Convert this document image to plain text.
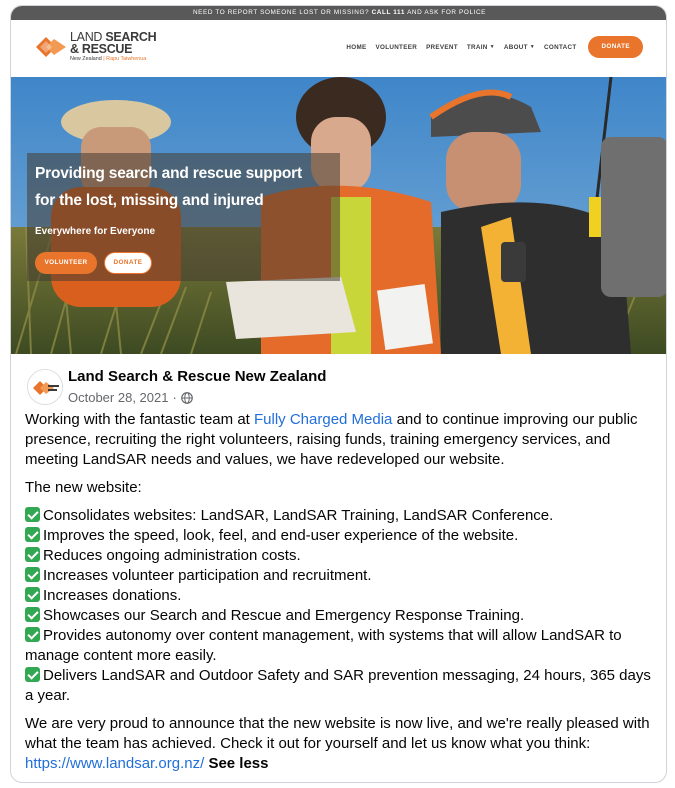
NEED TO REPORT SOMEONE LOST OR MISSING? CALL 111 AND ASK FOR POLICE
LAND SEARCH
& RESCUE
New Zealand | Rapu Taiwhenua
HOME VOLUNTEER PREVENT TRAIN ▼ ABOUT ▼ CONTACT	DONATE
Providing search and rescue support for the lost, missing and injured
Everywhere for Everyone
VOLUNTEER	DONATE
Land Search & Rescue New Zealand
October 28, 2021 ·

Working with the fantastic team at Fully Charged Media and to continue improving our public presence, recruiting the right volunteers, raising funds, training emergency services, and meeting LandSAR needs and values, we have redeveloped our website.

The new website:

Consolidates websites: LandSAR, LandSAR Training, LandSAR Conference.

Improves the speed, look, feel, and end-user experience of the website.

Reduces ongoing administration costs.

Increases volunteer participation and recruitment.

Increases donations.

Showcases our Search and Rescue and Emergency Response Training.

Provides autonomy over content management, with systems that will allow LandSAR to manage content more easily.

Delivers LandSAR and Outdoor Safety and SAR prevention messaging, 24 hours, 365 days a year.

We are very proud to announce that the new website is now live, and we're really pleased with what the team has achieved. Check it out for yourself and let us know what you think: https://www.landsar.org.nz/ See less
